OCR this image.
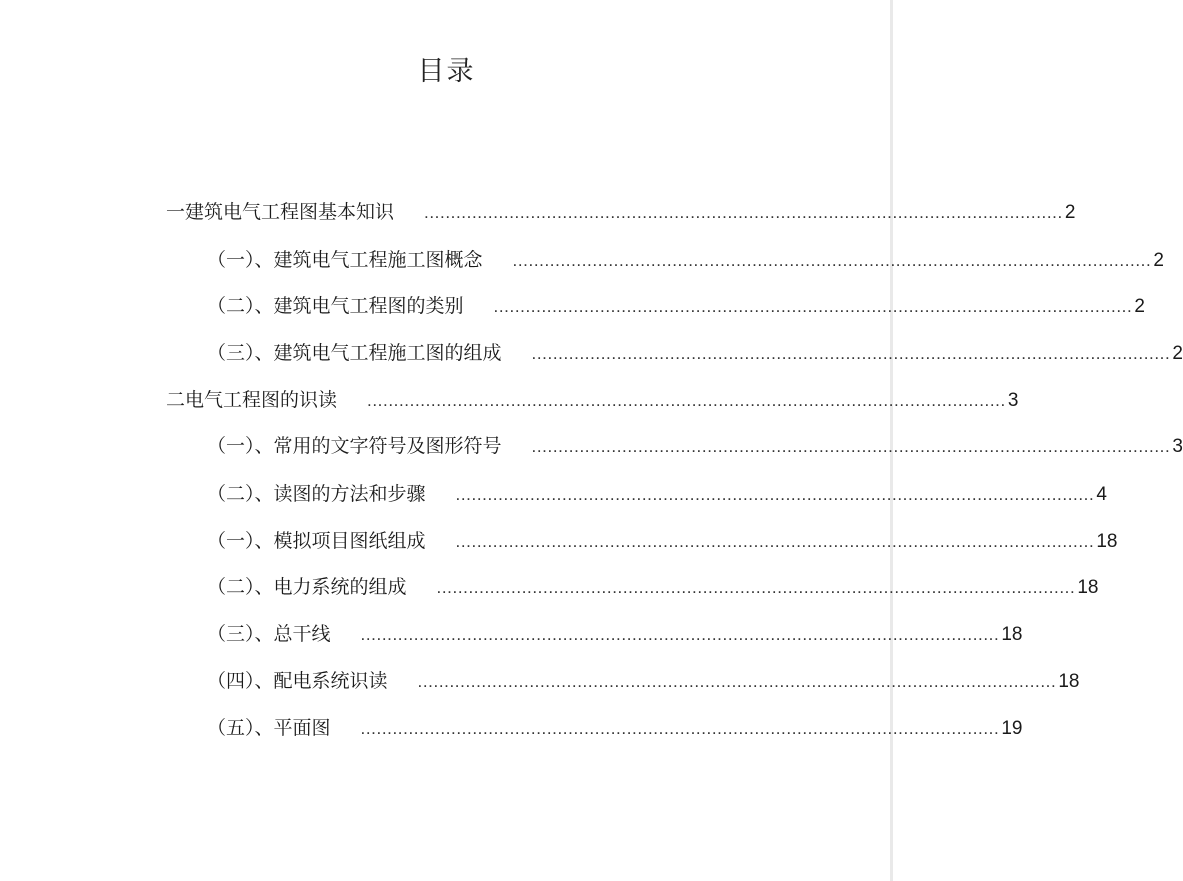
目录
一 建筑电气工程图基本知识 ........................................................................................................................ 2
（一）、 建筑电气工程施工图概念 ........................................................................................................................ 2
（二）、 建筑电气工程图的类别 ........................................................................................................................ 2
（三）、 建筑电气工程施工图的组成 ........................................................................................................................ 2
二 电气工程图的识读 ........................................................................................................................ 3
（一）、 常用的文字符号及图形符号 ........................................................................................................................ 3
（二）、 读图的方法和步骤 ........................................................................................................................ 4
（一）、 模拟项目图纸组成 ........................................................................................................................ 18
（二）、 电力系统的组成 ........................................................................................................................ 18
（三）、 总干线 ........................................................................................................................ 18
（四）、 配电系统识读 ........................................................................................................................ 18
（五）、 平面图 ........................................................................................................................ 19
